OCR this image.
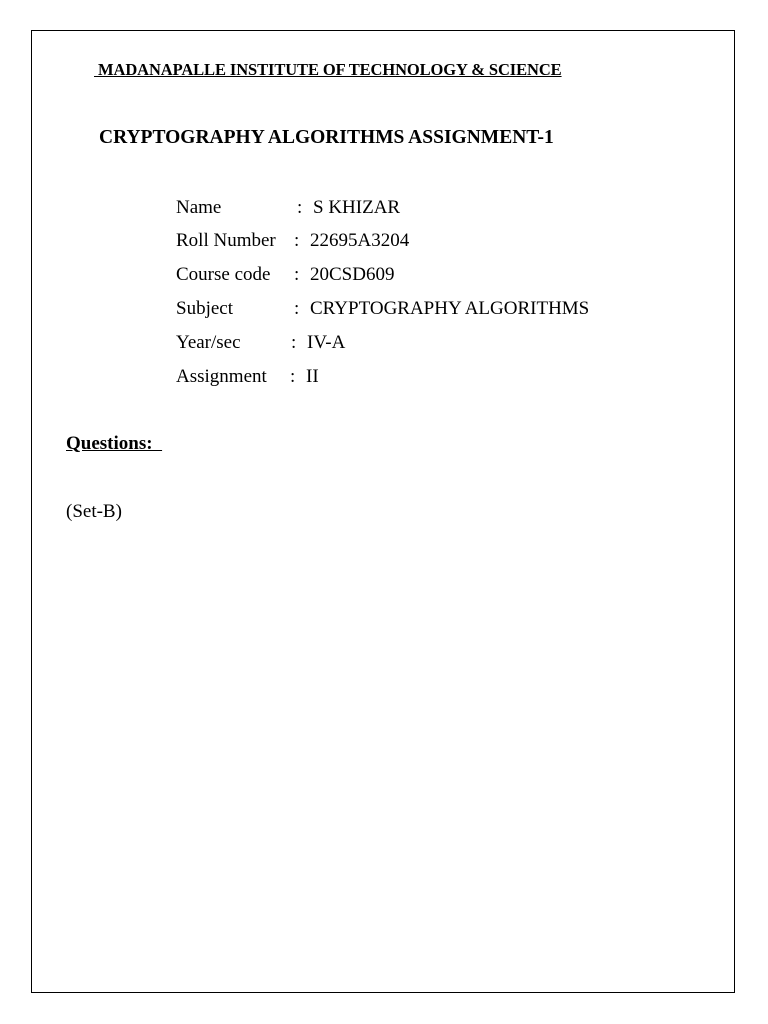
MADANAPALLE INSTITUTE OF TECHNOLOGY & SCIENCE
CRYPTOGRAPHY ALGORITHMS ASSIGNMENT-1
Name	: S KHIZAR
Roll Number : 22695A3204
Course code : 20CSD609
Subject	: CRYPTOGRAPHY ALGORITHMS
Year/sec	: IV-A
Assignment : II
Questions:
(Set-B)
